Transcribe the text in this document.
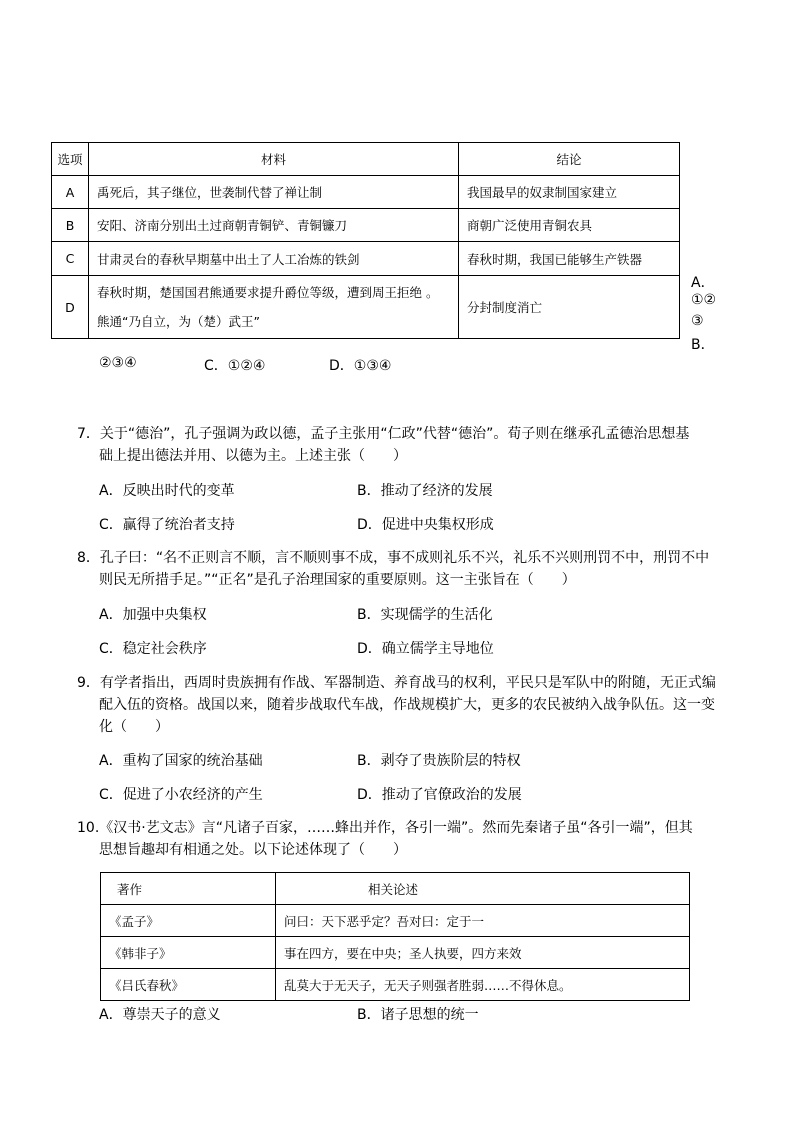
选项	材料	结论
A	禹死后，其子继位，世袭制代替了禅让制	我国最早的奴隶制国家建立
B	安阳、济南分别出土过商朝青铜铲、青铜镰刀	商朝广泛使用青铜农具
C	甘肃灵台的春秋早期墓中出土了人工冶炼的铁剑	春秋时期，我国已能够生产铁器
D	春秋时期，楚国国君熊通要求提升爵位等级，遭到周王拒绝 。
熊通“乃自立，为（楚）武王”	分封制度消亡
A．
①②
③
B．
②③④	C．①②④	D．①③④
7．关于“德治”，孔子强调为政以德，孟子主张用“仁政”代替“德治”。荀子则在继承孔孟德治思想基
础上提出德法并用、以德为主。上述主张（　　）
A．反映出时代的变革	B．推动了经济的发展
C．赢得了统治者支持	D．促进中央集权形成
8．孔子曰：“名不正则言不顺，言不顺则事不成，事不成则礼乐不兴，礼乐不兴则刑罚不中，刑罚不中
则民无所措手足。”“正名”是孔子治理国家的重要原则。这一主张旨在（　　）
A．加强中央集权	B．实现儒学的生活化
C．稳定社会秩序	D．确立儒学主导地位
9．有学者指出，西周时贵族拥有作战、军器制造、养育战马的权利，平民只是军队中的附随，无正式编
配入伍的资格。战国以来，随着步战取代车战，作战规模扩大，更多的农民被纳入战争队伍。这一变
化（　　）
A．重构了国家的统治基础	B．剥夺了贵族阶层的特权
C．促进了小农经济的产生	D．推动了官僚政治的发展
10.《汉书·艺文志》言“凡诸子百家，……蜂出并作，各引一端”。然而先秦诸子虽“各引一端”，但其
思想旨趣却有相通之处。以下论述体现了（　　）
著作	相关论述
《孟子》	问曰：天下恶乎定？吾对曰：定于一
《韩非子》	事在四方，要在中央；圣人执要，四方来效
《吕氏春秋》	乱莫大于无天子，无天子则强者胜弱……不得休息。
A．尊崇天子的意义	B．诸子思想的统一
